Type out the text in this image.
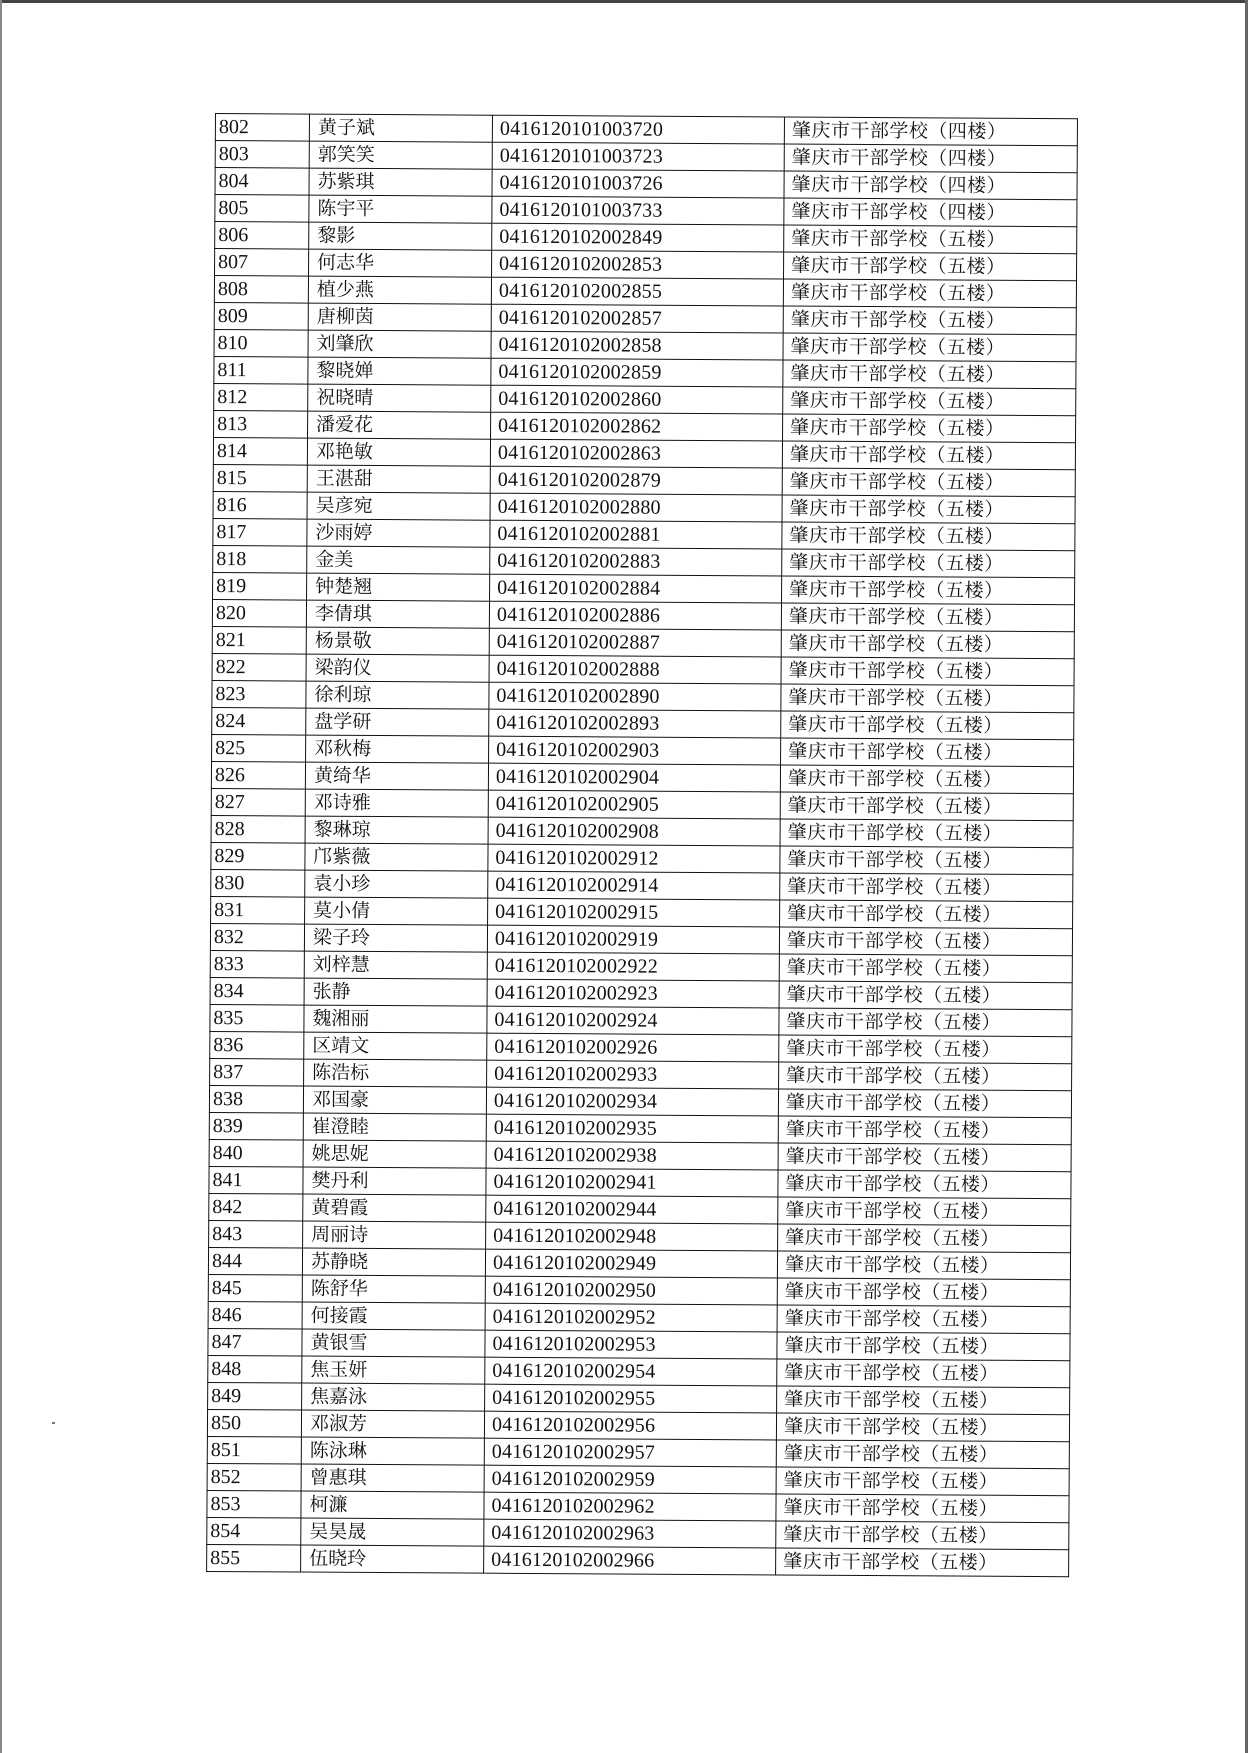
802	黄子斌	0416120101003720	肇庆市干部学校（四楼）
803	郭笑笑	0416120101003723	肇庆市干部学校（四楼）
804	苏紫琪	0416120101003726	肇庆市干部学校（四楼）
805	陈宇平	0416120101003733	肇庆市干部学校（四楼）
806	黎影	0416120102002849	肇庆市干部学校（五楼）
807	何志华	0416120102002853	肇庆市干部学校（五楼）
808	植少燕	0416120102002855	肇庆市干部学校（五楼）
809	唐柳茵	0416120102002857	肇庆市干部学校（五楼）
810	刘肇欣	0416120102002858	肇庆市干部学校（五楼）
811	黎晓婵	0416120102002859	肇庆市干部学校（五楼）
812	祝晓晴	0416120102002860	肇庆市干部学校（五楼）
813	潘爱花	0416120102002862	肇庆市干部学校（五楼）
814	邓艳敏	0416120102002863	肇庆市干部学校（五楼）
815	王湛甜	0416120102002879	肇庆市干部学校（五楼）
816	吴彦宛	0416120102002880	肇庆市干部学校（五楼）
817	沙雨婷	0416120102002881	肇庆市干部学校（五楼）
818	金美	0416120102002883	肇庆市干部学校（五楼）
819	钟楚翘	0416120102002884	肇庆市干部学校（五楼）
820	李倩琪	0416120102002886	肇庆市干部学校（五楼）
821	杨景敬	0416120102002887	肇庆市干部学校（五楼）
822	梁韵仪	0416120102002888	肇庆市干部学校（五楼）
823	徐利琼	0416120102002890	肇庆市干部学校（五楼）
824	盘学研	0416120102002893	肇庆市干部学校（五楼）
825	邓秋梅	0416120102002903	肇庆市干部学校（五楼）
826	黄绮华	0416120102002904	肇庆市干部学校（五楼）
827	邓诗雅	0416120102002905	肇庆市干部学校（五楼）
828	黎琳琼	0416120102002908	肇庆市干部学校（五楼）
829	邝紫薇	0416120102002912	肇庆市干部学校（五楼）
830	袁小珍	0416120102002914	肇庆市干部学校（五楼）
831	莫小倩	0416120102002915	肇庆市干部学校（五楼）
832	梁子玲	0416120102002919	肇庆市干部学校（五楼）
833	刘梓慧	0416120102002922	肇庆市干部学校（五楼）
834	张静	0416120102002923	肇庆市干部学校（五楼）
835	魏湘丽	0416120102002924	肇庆市干部学校（五楼）
836	区靖文	0416120102002926	肇庆市干部学校（五楼）
837	陈浩标	0416120102002933	肇庆市干部学校（五楼）
838	邓国豪	0416120102002934	肇庆市干部学校（五楼）
839	崔澄睦	0416120102002935	肇庆市干部学校（五楼）
840	姚思妮	0416120102002938	肇庆市干部学校（五楼）
841	樊丹利	0416120102002941	肇庆市干部学校（五楼）
842	黄碧霞	0416120102002944	肇庆市干部学校（五楼）
843	周丽诗	0416120102002948	肇庆市干部学校（五楼）
844	苏静晓	0416120102002949	肇庆市干部学校（五楼）
845	陈舒华	0416120102002950	肇庆市干部学校（五楼）
846	何接霞	0416120102002952	肇庆市干部学校（五楼）
847	黄银雪	0416120102002953	肇庆市干部学校（五楼）
848	焦玉妍	0416120102002954	肇庆市干部学校（五楼）
849	焦嘉泳	0416120102002955	肇庆市干部学校（五楼）
850	邓淑芳	0416120102002956	肇庆市干部学校（五楼）
851	陈泳琳	0416120102002957	肇庆市干部学校（五楼）
852	曾惠琪	0416120102002959	肇庆市干部学校（五楼）
853	柯濂	0416120102002962	肇庆市干部学校（五楼）
854	吴昊晟	0416120102002963	肇庆市干部学校（五楼）
855	伍晓玲	0416120102002966	肇庆市干部学校（五楼）
